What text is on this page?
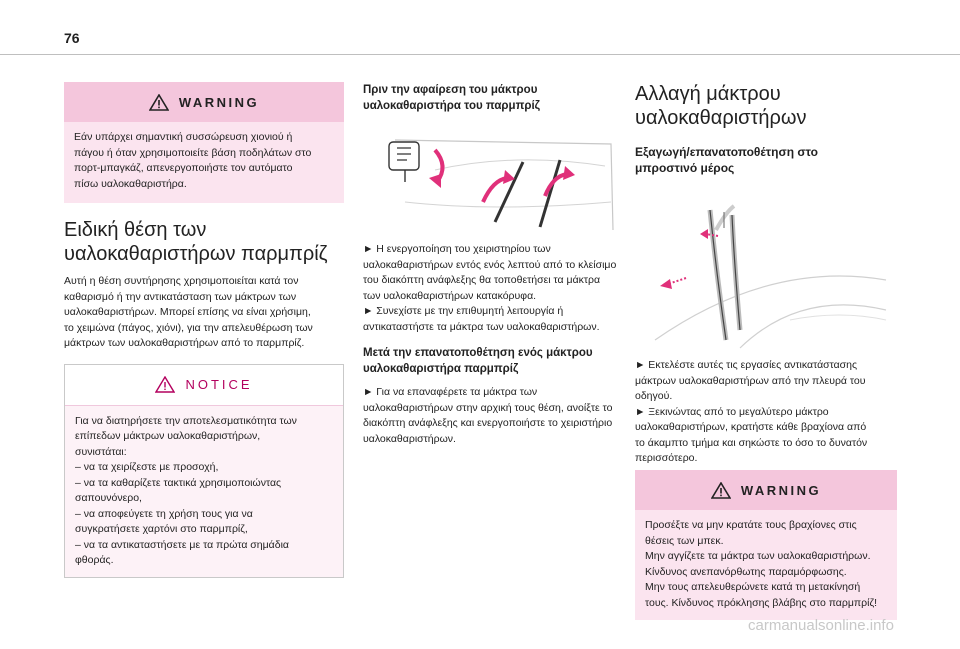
76
WARNING
Εάν υπάρχει σημαντική συσσώρευση χιονιού ή
πάγου ή όταν χρησιμοποιείτε βάση ποδηλάτων στο
πορτ-μπαγκάζ, απενεργοποιήστε τον αυτόματο
πίσω υαλοκαθαριστήρα.
Ειδική θέση των
υαλοκαθαριστήρων παρμπρίζ

Αυτή η θέση συντήρησης χρησιμοποιείται κατά τον
καθαρισμό ή την αντικατάσταση των μάκτρων των
υαλοκαθαριστήρων. Μπορεί επίσης να είναι χρήσιμη,
το χειμώνα (πάγος, χιόνι), για την απελευθέρωση των
μάκτρων των υαλοκαθαριστήρων από το παρμπρίζ.

NOTICE
Για να διατηρήσετε την αποτελεσματικότητα των
επίπεδων μάκτρων υαλοκαθαριστήρων,
συνιστάται:
– να τα χειρίζεστε με προσοχή,
– να τα καθαρίζετε τακτικά χρησιμοποιώντας
σαπουνόνερο,
– να αποφεύγετε τη χρήση τους για να
συγκρατήσετε χαρτόνι στο παρμπρίζ,
– να τα αντικαταστήσετε με τα πρώτα σημάδια
φθοράς.
Πριν την αφαίρεση του μάκτρου
υαλοκαθαριστήρα του παρμπρίζ

► Η ενεργοποίηση του χειριστηρίου των
υαλοκαθαριστήρων εντός ενός λεπτού από το κλείσιμο
του διακόπτη ανάφλεξης θα τοποθετήσει τα μάκτρα
των υαλοκαθαριστήρων κατακόρυφα.
► Συνεχίστε με την επιθυμητή λειτουργία ή
αντικαταστήστε τα μάκτρα των υαλοκαθαριστήρων.

Μετά την επανατοποθέτηση ενός μάκτρου
υαλοκαθαριστήρα παρμπρίζ

► Για να επαναφέρετε τα μάκτρα των
υαλοκαθαριστήρων στην αρχική τους θέση, ανοίξτε το
διακόπτη ανάφλεξης και ενεργοποιήστε το χειριστήριο
υαλοκαθαριστήρων.

Αλλαγή μάκτρου
υαλοκαθαριστήρων
Εξαγωγή/επανατοποθέτηση στο
μπροστινό μέρος

► Εκτελέστε αυτές τις εργασίες αντικατάστασης
μάκτρων υαλοκαθαριστήρων από την πλευρά του
οδηγού.
► Ξεκινώντας από το μεγαλύτερο μάκτρο
υαλοκαθαριστήρων, κρατήστε κάθε βραχίονα από
το άκαμπτο τμήμα και σηκώστε το όσο το δυνατόν
περισσότερο.

WARNING
Προσέξτε να μην κρατάτε τους βραχίονες στις
θέσεις των μπεκ.
Μην αγγίζετε τα μάκτρα των υαλοκαθαριστήρων.
Κίνδυνος ανεπανόρθωτης παραμόρφωσης.
Μην τους απελευθερώνετε κατά τη μετακίνησή
τους. Κίνδυνος πρόκλησης βλάβης στο παρμπρίζ!
carmanualsonline.info
